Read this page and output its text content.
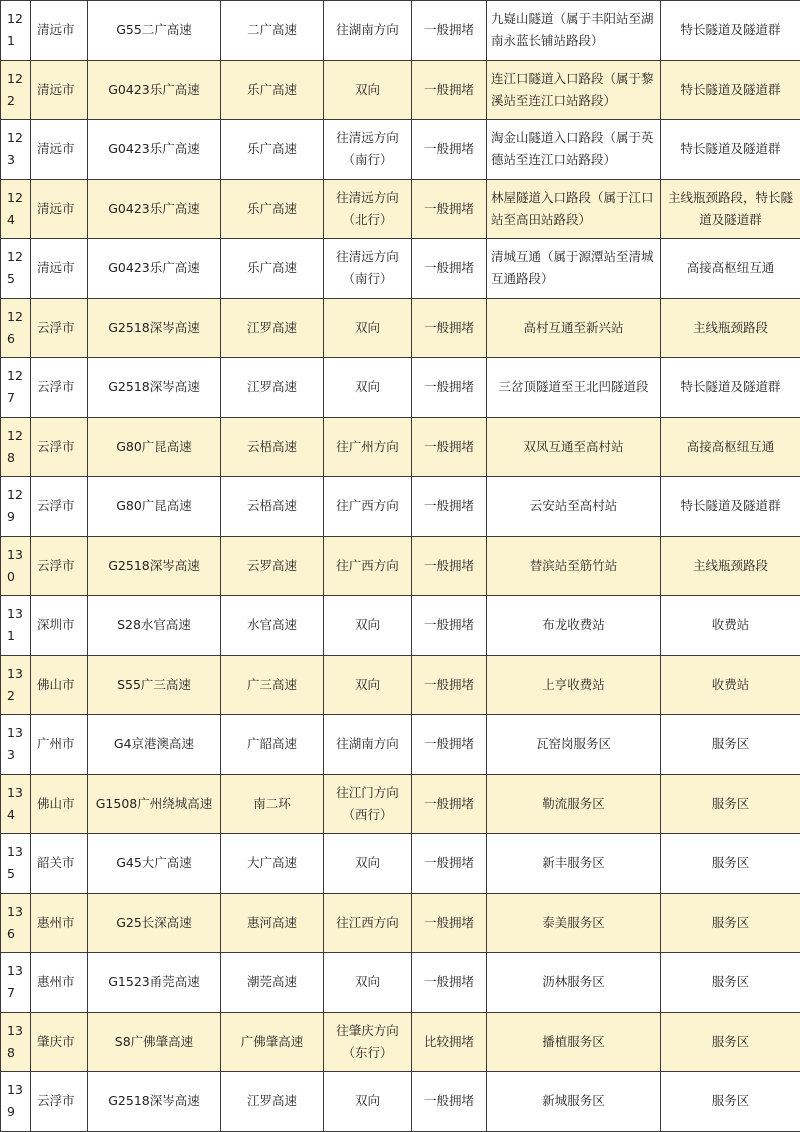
121	清远市	G55二广高速	二广高速	往湖南方向	一般拥堵	九嶷山隧道（属于丰阳站至湖南永蓝长铺站路段）	特长隧道及隧道群
122	清远市	G0423乐广高速	乐广高速	双向	一般拥堵	连江口隧道入口路段（属于黎溪站至连江口站路段）	特长隧道及隧道群
123	清远市	G0423乐广高速	乐广高速	往清远方向（南行）	一般拥堵	淘金山隧道入口路段（属于英德站至连江口站路段）	特长隧道及隧道群
124	清远市	G0423乐广高速	乐广高速	往清远方向（北行）	一般拥堵	林屋隧道入口路段（属于江口站至高田站路段）	主线瓶颈路段，特长隧道及隧道群
125	清远市	G0423乐广高速	乐广高速	往清远方向（南行）	一般拥堵	清城互通（属于源潭站至清城互通路段）	高接高枢纽互通
126	云浮市	G2518深岑高速	江罗高速	双向	一般拥堵	高村互通至新兴站	主线瓶颈路段
127	云浮市	G2518深岑高速	江罗高速	双向	一般拥堵	三岔顶隧道至王北凹隧道段	特长隧道及隧道群
128	云浮市	G80广昆高速	云梧高速	往广州方向	一般拥堵	双凤互通至高村站	高接高枢纽互通
129	云浮市	G80广昆高速	云梧高速	往广西方向	一般拥堵	云安站至高村站	特长隧道及隧道群
130	云浮市	G2518深岑高速	云罗高速	往广西方向	一般拥堵	替滨站至筋竹站	主线瓶颈路段
131	深圳市	S28水官高速	水官高速	双向	一般拥堵	布龙收费站	收费站
132	佛山市	S55广三高速	广三高速	双向	一般拥堵	上亨收费站	收费站
133	广州市	G4京港澳高速	广韶高速	往湖南方向	一般拥堵	瓦窑岗服务区	服务区
134	佛山市	G1508广州绕城高速	南二环	往江门方向（西行）	一般拥堵	勒流服务区	服务区
135	韶关市	G45大广高速	大广高速	双向	一般拥堵	新丰服务区	服务区
136	惠州市	G25长深高速	惠河高速	往江西方向	一般拥堵	泰美服务区	服务区
137	惠州市	G1523甬莞高速	潮莞高速	双向	一般拥堵	沥林服务区	服务区
138	肇庆市	S8广佛肇高速	广佛肇高速	往肇庆方向（东行）	比较拥堵	播植服务区	服务区
139	云浮市	G2518深岑高速	江罗高速	双向	一般拥堵	新城服务区	服务区
